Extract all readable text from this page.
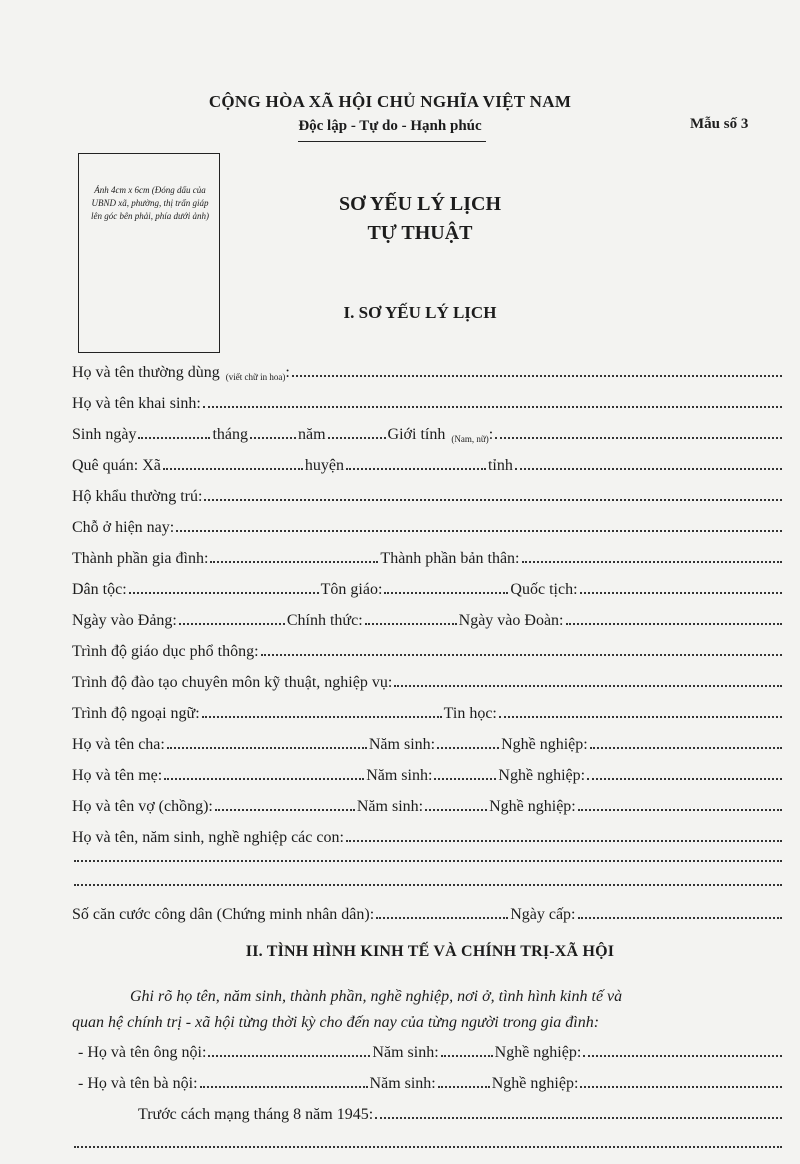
CỘNG HÒA XÃ HỘI CHỦ NGHĨA VIỆT NAM
Độc lập - Tự do - Hạnh phúc	Mẫu số 3
Ảnh 4cm x 6cm (Đóng dấu của UBND xã, phường, thị trấn giáp lên góc bên phải, phía dưới ảnh)
SƠ YẾU LÝ LỊCH
TỰ THUẬT
I. SƠ YẾU LÝ LỊCH
Họ và tên thường dùng (viết chữ in hoa) :
Họ và tên khai sinh:
Sinh ngày	tháng	năm	Giới tính (Nam, nữ) :
Quê quán: Xã	huyện	tỉnh
Hộ khẩu thường trú:
Chỗ ở hiện nay:
Thành phần gia đình:	Thành phần bản thân:
Dân tộc:	Tôn giáo:	Quốc tịch:
Ngày vào Đảng:	Chính thức:	Ngày vào Đoàn:
Trình độ giáo dục phổ thông:
Trình độ đào tạo chuyên môn kỹ thuật, nghiệp vụ:
Trình độ ngoại ngữ:	Tin học:
Họ và tên cha:	Năm sinh:	Nghề nghiệp:
Họ và tên mẹ:	Năm sinh:	Nghề nghiệp:
Họ và tên vợ (chồng):	Năm sinh:	Nghề nghiệp:
Họ và tên, năm sinh, nghề nghiệp các con:
Số căn cước công dân (Chứng minh nhân dân):	Ngày cấp:
II. TÌNH HÌNH KINH TẾ VÀ CHÍNH TRỊ-XÃ HỘI
Ghi rõ họ tên, năm sinh, thành phần, nghề nghiệp, nơi ở, tình hình kinh tế và
quan hệ chính trị - xã hội từng thời kỳ cho đến nay của từng người trong gia đình:
- Họ và tên ông nội:	Năm sinh:	Nghề nghiệp:
- Họ và tên bà nội:	Năm sinh:	Nghề nghiệp:
Trước cách mạng tháng 8 năm 1945:
